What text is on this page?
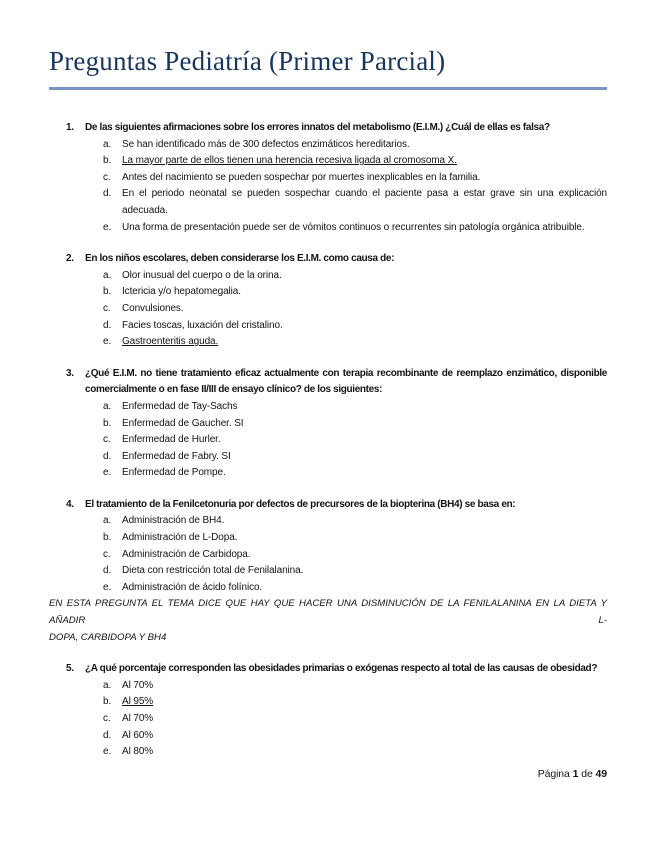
Preguntas Pediatría (Primer Parcial)
1.	De las siguientes afirmaciones sobre los errores innatos del metabolismo (E.I.M.) ¿Cuál de ellas es falsa?

a.	Se han identificado más de 300 defectos enzimáticos hereditarios.

b.	La mayor parte de ellos tienen una herencia recesiva ligada al cromosoma X.

c.	Antes del nacimiento se pueden sospechar por muertes inexplicables en la familia.

d.	En el periodo neonatal se pueden sospechar cuando el paciente pasa a estar grave sin una explicación adecuada.

e.	Una forma de presentación puede ser de vómitos continuos o recurrentes sin patología orgánica atribuible.

2.	En los niños escolares, deben considerarse los E.I.M. como causa de:

a.	Olor inusual del cuerpo o de la orina.

b.	Ictericia y/o hepatomegalia.

c.	Convulsiones.

d.	Facies toscas, luxación del cristalino.

e.	Gastroenteritis aguda.

3.	¿Qué E.I.M. no tiene tratamiento eficaz actualmente con terapia recombinante de reemplazo enzimático, disponible comercialmente o en fase II/III de ensayo clínico? de los siguientes:

a.	Enfermedad de Tay-Sachs

b.	Enfermedad de Gaucher. SI

c.	Enfermedad de Hurler.

d.	Enfermedad de Fabry. SI

e.	Enfermedad de Pompe.

4.	El tratamiento de la Fenilcetonuria por defectos de precursores de la biopterina (BH4) se basa en:

a.	Administración de BH4.

b.	Administración de L-Dopa.

c.	Administración de Carbidopa.

d.	Dieta con restricción total de Fenilalanina.

e.	Administración de ácido folínico.

EN ESTA PREGUNTA EL TEMA DICE QUE HAY QUE HACER UNA DISMINUCIÓN DE LA FENILALANINA EN LA DIETA Y AÑADIR L-

DOPA, CARBIDOPA Y BH4

5.	¿A qué porcentaje corresponden las obesidades primarias o exógenas respecto al total de las causas de obesidad?

a.	Al 70%

b.	Al 95%

c.	Al 70%

d.	Al 60%

e.	Al 80%

Página 1 de 49
